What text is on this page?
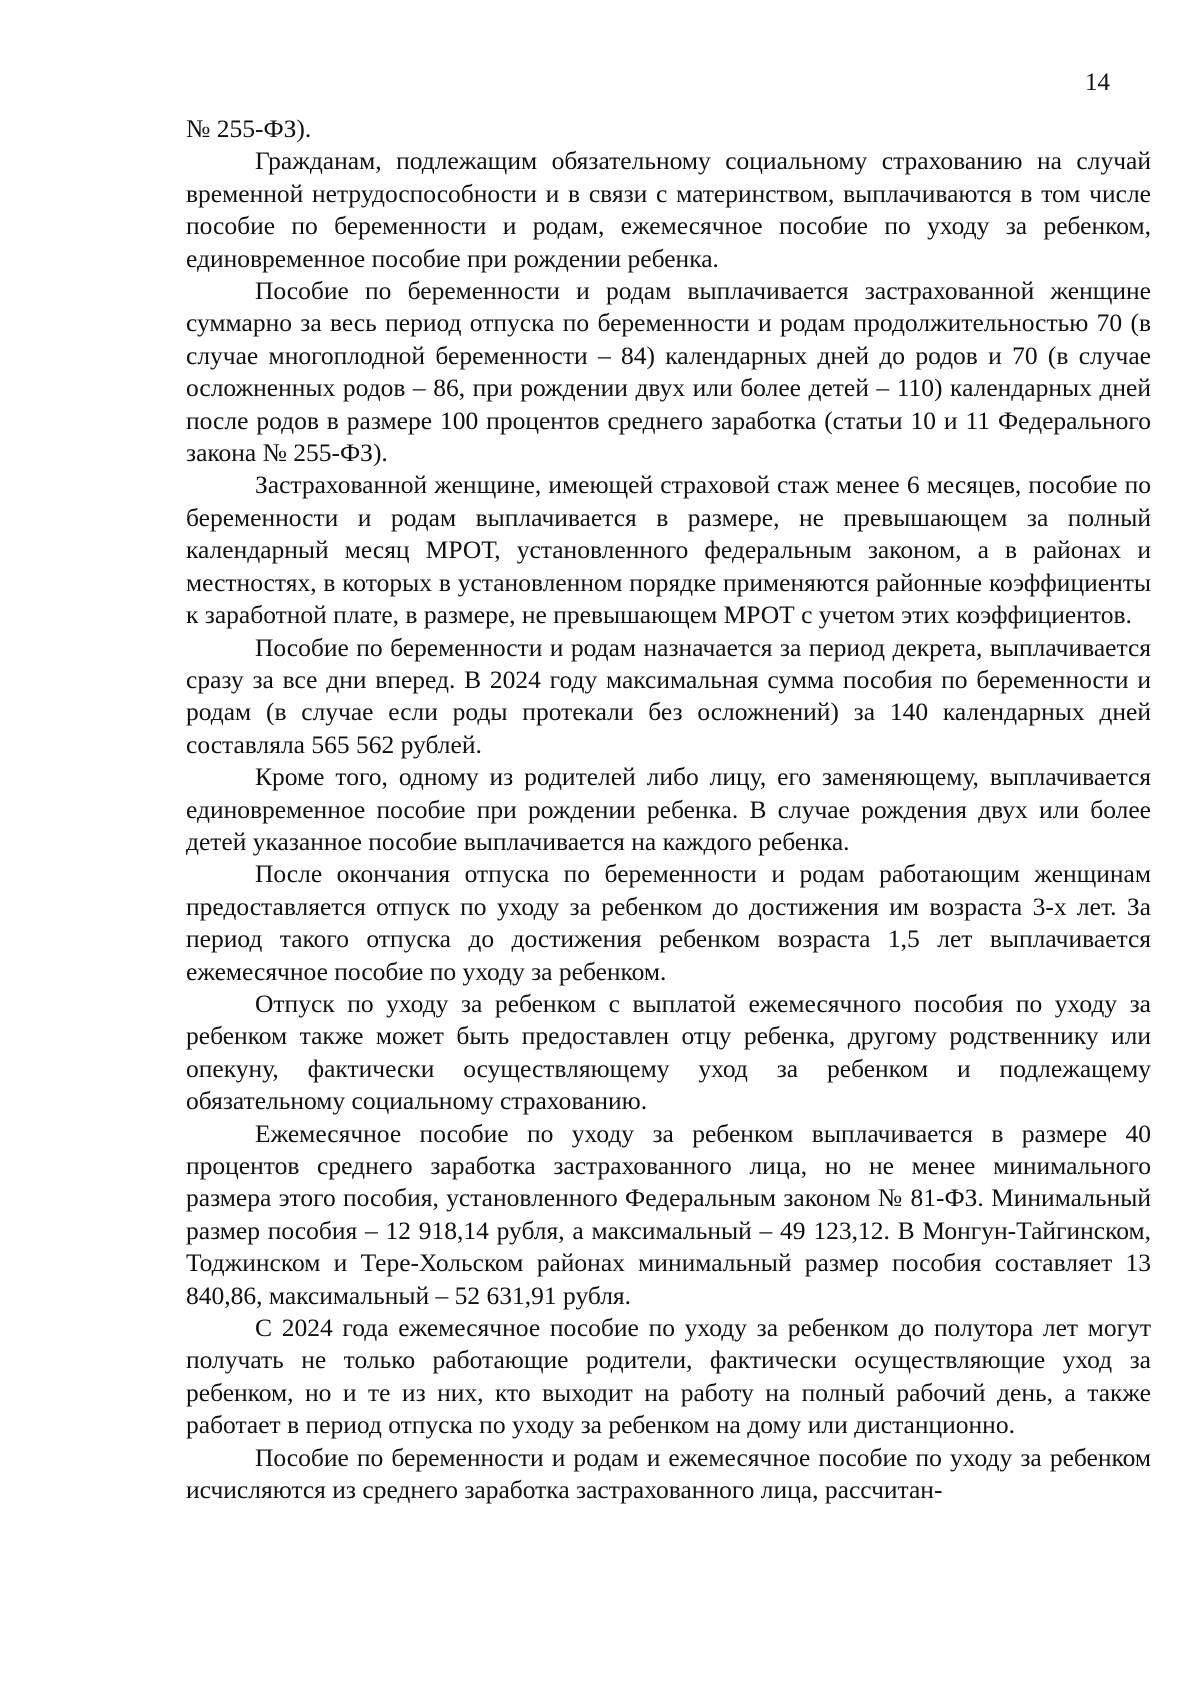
14

№ 255-ФЗ).

Гражданам, подлежащим обязательному социальному страхованию на случай временной нетрудоспособности и в связи с материнством, выплачиваются в том числе пособие по беременности и родам, ежемесячное пособие по уходу за ребенком, единовременное пособие при рождении ребенка.

Пособие по беременности и родам выплачивается застрахованной женщине суммарно за весь период отпуска по беременности и родам продолжительностью 70 (в случае многоплодной беременности – 84) календарных дней до родов и 70 (в случае осложненных родов – 86, при рождении двух или более детей – 110) календарных дней после родов в размере 100 процентов среднего заработка (статьи 10 и 11 Федерального закона № 255-ФЗ).

Застрахованной женщине, имеющей страховой стаж менее 6 месяцев, пособие по беременности и родам выплачивается в размере, не превышающем за полный календарный месяц МРОТ, установленного федеральным законом, а в районах и местностях, в которых в установленном порядке применяются районные коэффициенты к заработной плате, в размере, не превышающем МРОТ с учетом этих коэффициентов.

Пособие по беременности и родам назначается за период декрета, выплачивается сразу за все дни вперед. В 2024 году максимальная сумма пособия по беременности и родам (в случае если роды протекали без осложнений) за 140 календарных дней составляла 565 562 рублей.

Кроме того, одному из родителей либо лицу, его заменяющему, выплачивается единовременное пособие при рождении ребенка. В случае рождения двух или более детей указанное пособие выплачивается на каждого ребенка.

После окончания отпуска по беременности и родам работающим женщинам предоставляется отпуск по уходу за ребенком до достижения им возраста 3-х лет. За период такого отпуска до достижения ребенком возраста 1,5 лет выплачивается ежемесячное пособие по уходу за ребенком.

Отпуск по уходу за ребенком с выплатой ежемесячного пособия по уходу за ребенком также может быть предоставлен отцу ребенка, другому родственнику или опекуну, фактически осуществляющему уход за ребенком и подлежащему обязательному социальному страхованию.

Ежемесячное пособие по уходу за ребенком выплачивается в размере 40 процентов среднего заработка застрахованного лица, но не менее минимального размера этого пособия, установленного Федеральным законом № 81-ФЗ. Минимальный размер пособия – 12 918,14 рубля, а максимальный – 49 123,12. В Монгун-Тайгинском, Тоджинском и Тере-Хольском районах минимальный размер пособия составляет 13 840,86, максимальный – 52 631,91 рубля.

С 2024 года ежемесячное пособие по уходу за ребенком до полутора лет могут получать не только работающие родители, фактически осуществляющие уход за ребенком, но и те из них, кто выходит на работу на полный рабочий день, а также работает в период отпуска по уходу за ребенком на дому или дистанционно.

Пособие по беременности и родам и ежемесячное пособие по уходу за ребенком исчисляются из среднего заработка застрахованного лица, рассчитан-
